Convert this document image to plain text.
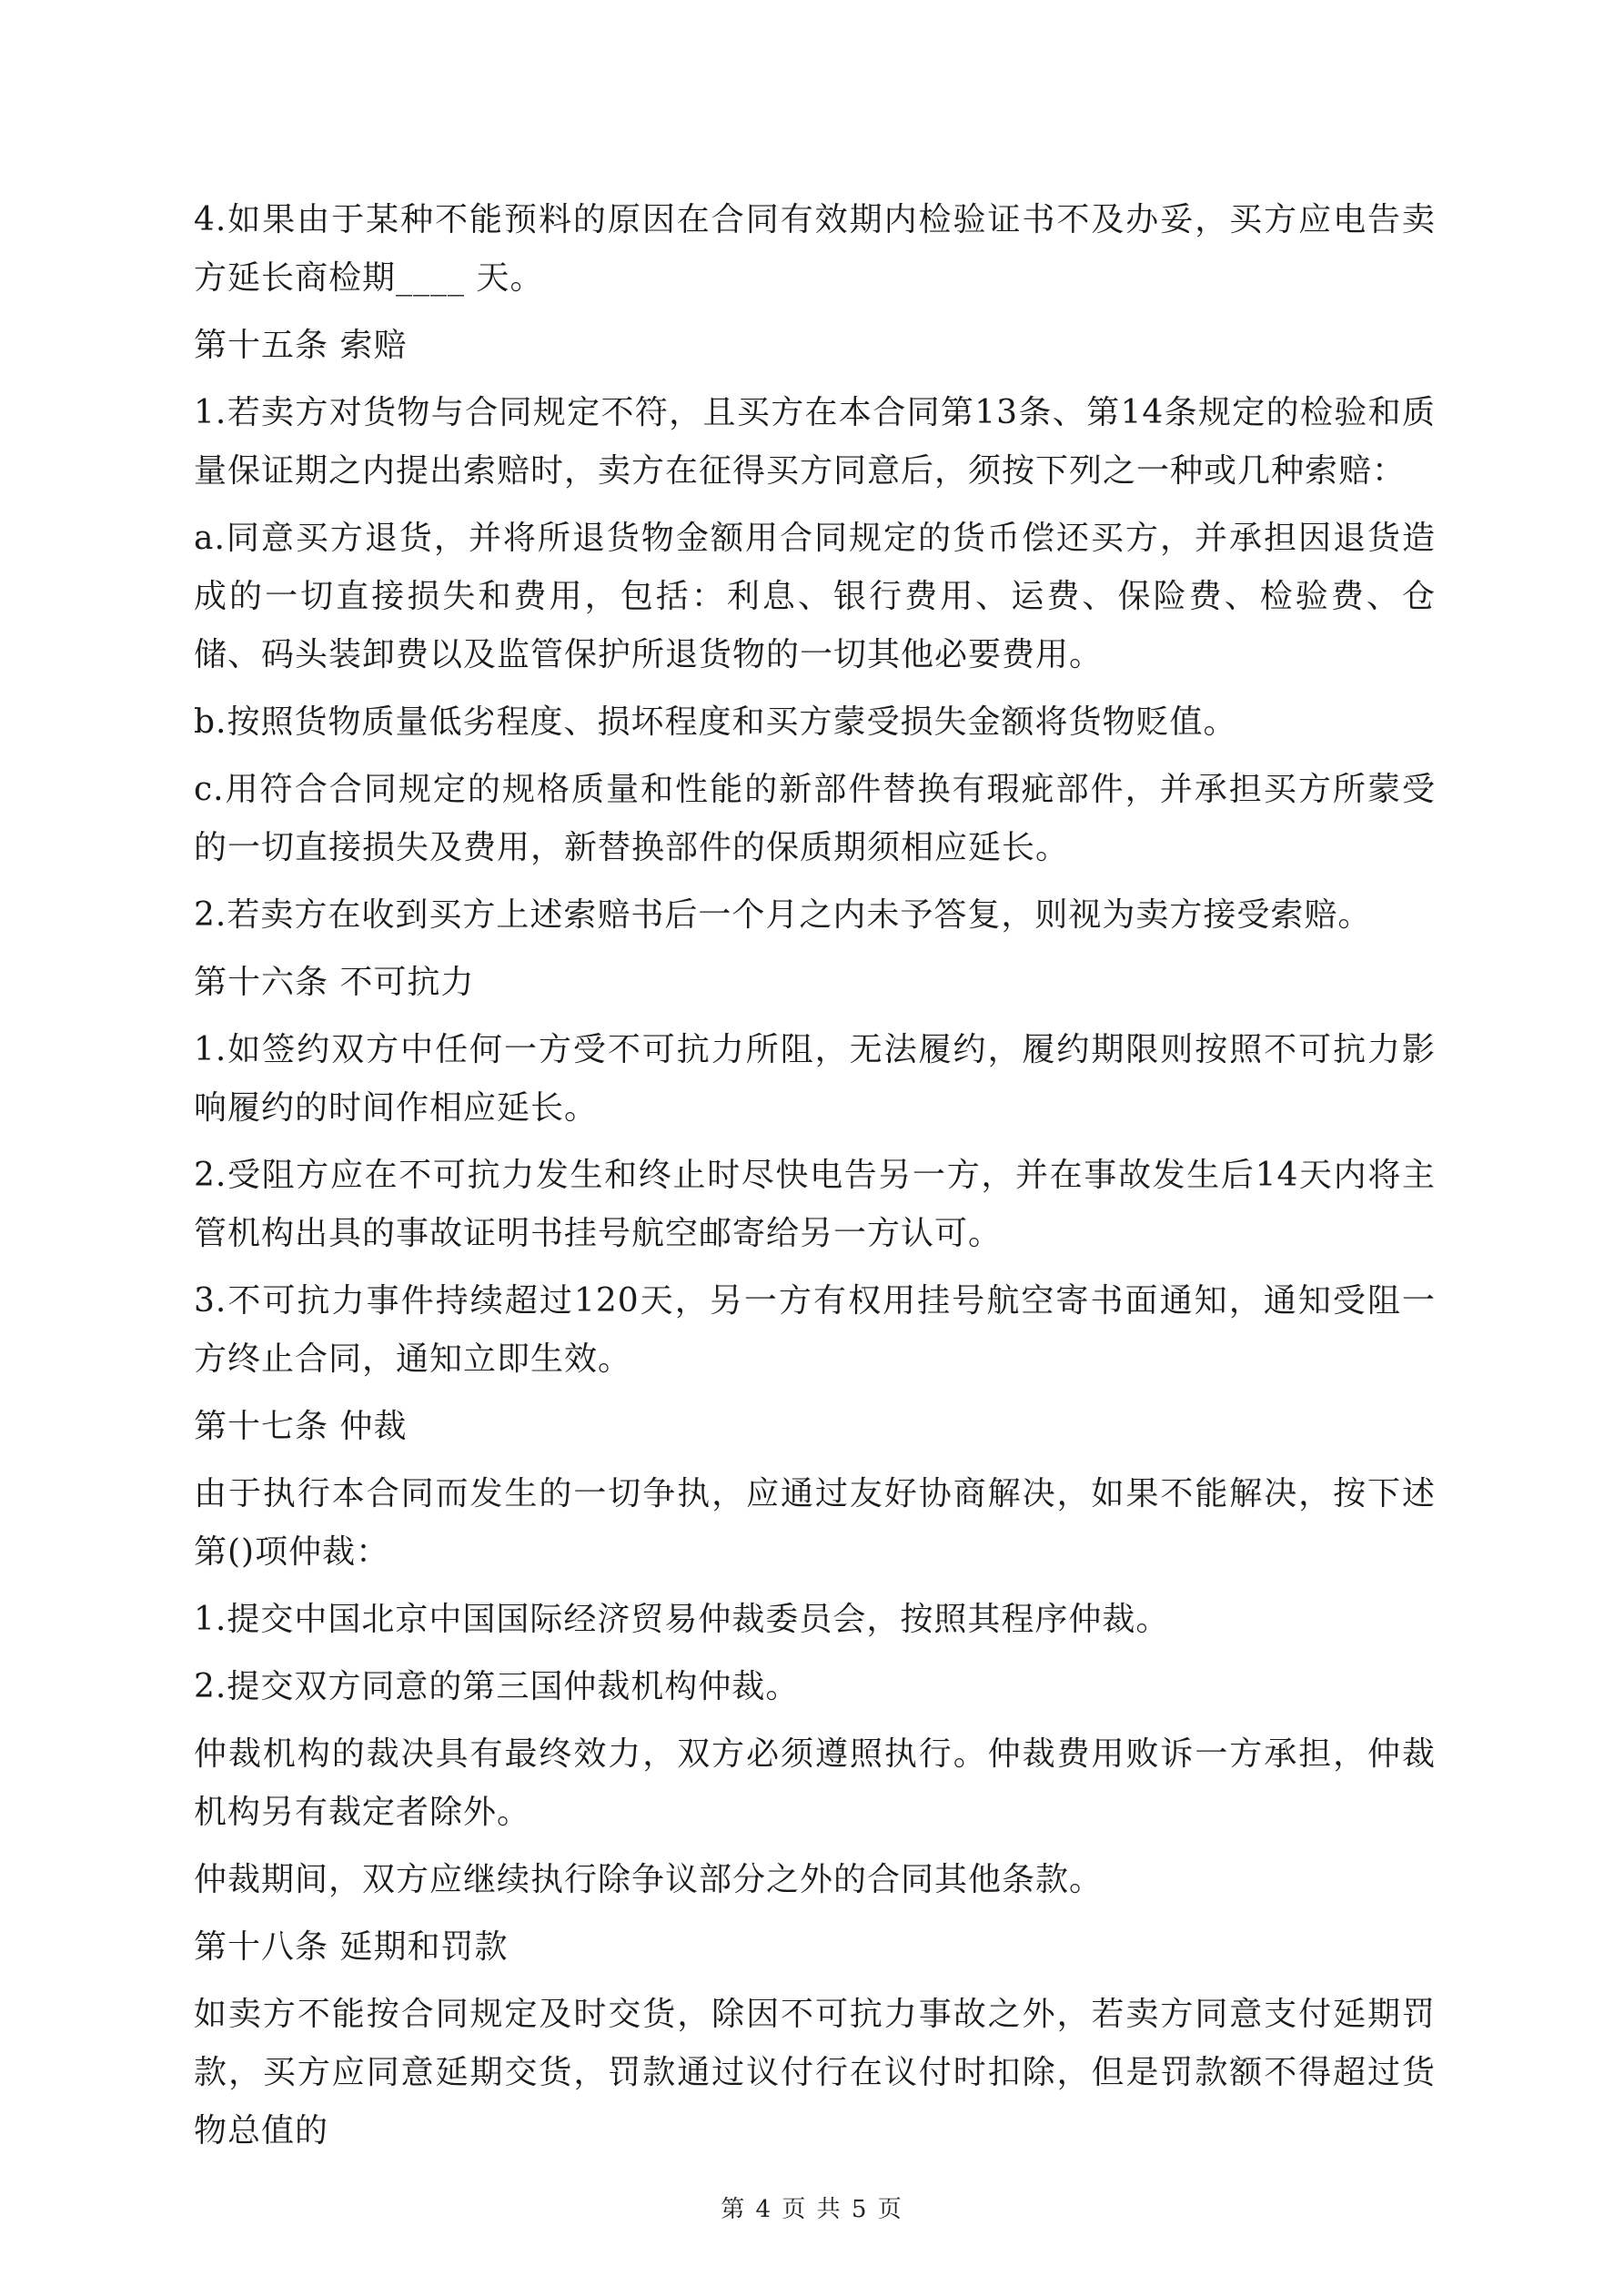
4.如果由于某种不能预料的原因在合同有效期内检验证书不及办妥，买方应电告卖方延长商检期____ 天。

第十五条 索赔

1.若卖方对货物与合同规定不符，且买方在本合同第13条、第14条规定的检验和质量保证期之内提出索赔时，卖方在征得买方同意后，须按下列之一种或几种索赔：

a.同意买方退货，并将所退货物金额用合同规定的货币偿还买方，并承担因退货造成的一切直接损失和费用，包括：利息、银行费用、运费、保险费、检验费、仓储、码头装卸费以及监管保护所退货物的一切其他必要费用。

b.按照货物质量低劣程度、损坏程度和买方蒙受损失金额将货物贬值。

c.用符合合同规定的规格质量和性能的新部件替换有瑕疵部件，并承担买方所蒙受的一切直接损失及费用，新替换部件的保质期须相应延长。

2.若卖方在收到买方上述索赔书后一个月之内未予答复，则视为卖方接受索赔。

第十六条 不可抗力

1.如签约双方中任何一方受不可抗力所阻，无法履约，履约期限则按照不可抗力影响履约的时间作相应延长。

2.受阻方应在不可抗力发生和终止时尽快电告另一方，并在事故发生后14天内将主管机构出具的事故证明书挂号航空邮寄给另一方认可。

3.不可抗力事件持续超过120天，另一方有权用挂号航空寄书面通知，通知受阻一方终止合同，通知立即生效。

第十七条 仲裁

由于执行本合同而发生的一切争执，应通过友好协商解决，如果不能解决，按下述第()项仲裁：

1.提交中国北京中国国际经济贸易仲裁委员会，按照其程序仲裁。

2.提交双方同意的第三国仲裁机构仲裁。

仲裁机构的裁决具有最终效力，双方必须遵照执行。仲裁费用败诉一方承担，仲裁机构另有裁定者除外。

仲裁期间，双方应继续执行除争议部分之外的合同其他条款。

第十八条 延期和罚款

如卖方不能按合同规定及时交货，除因不可抗力事故之外，若卖方同意支付延期罚款，买方应同意延期交货，罚款通过议付行在议付时扣除，但是罚款额不得超过货物总值的

第 4 页 共 5 页
